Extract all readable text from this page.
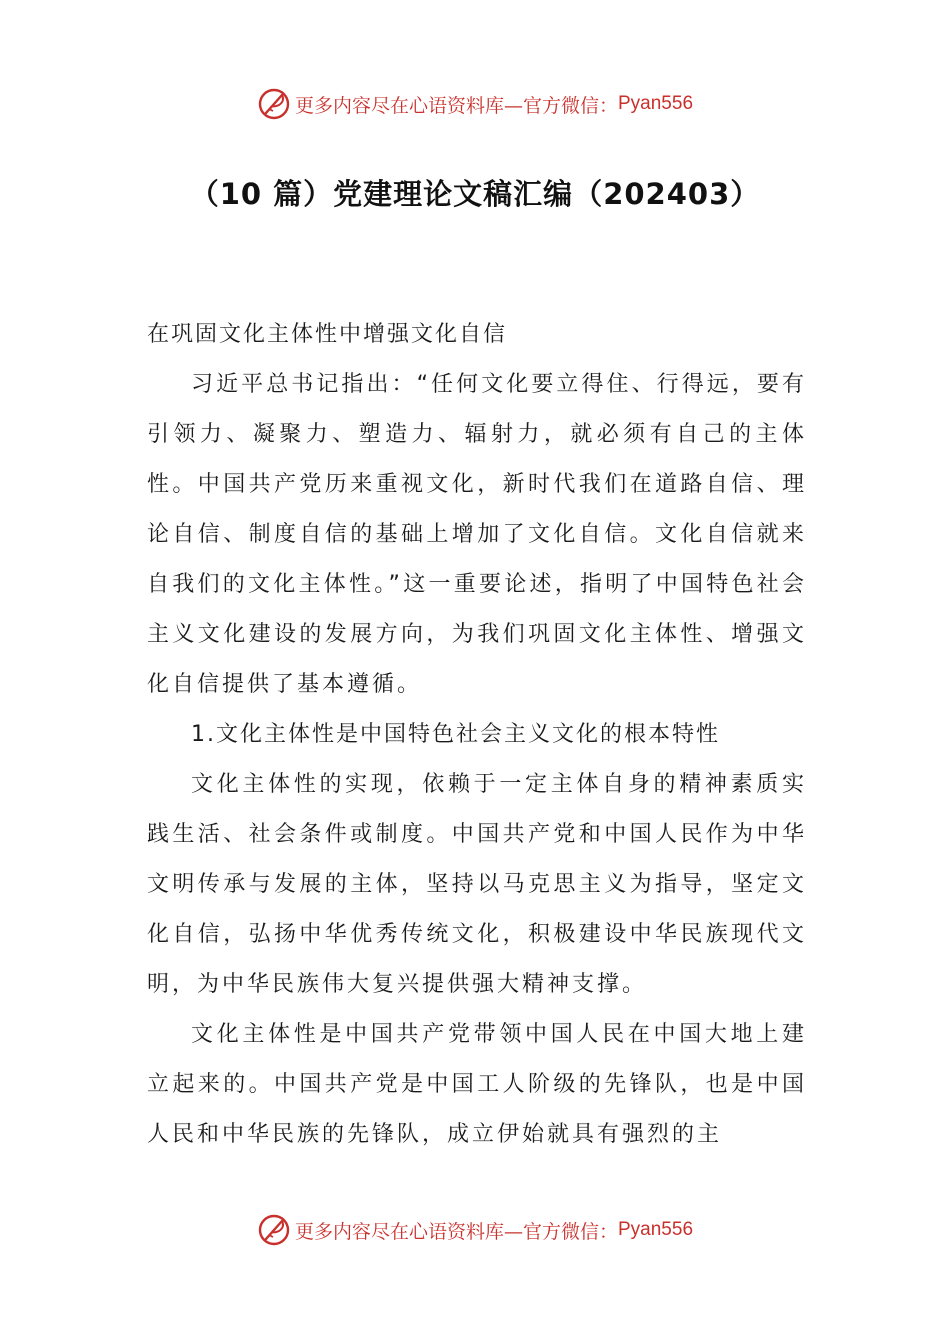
更多内容尽在心语资料库—官方微信： Pyan556
（10 篇）党建理论文稿汇编（202403）

在巩固文化主体性中增强文化自信

习近平总书记指出：“任何文化要立得住、行得远，要有引领力、凝聚力、塑造力、辐射力，就必须有自己的主体性。中国共产党历来重视文化，新时代我们在道路自信、理论自信、制度自信的基础上增加了文化自信。文化自信就来自我们的文化主体性。”这一重要论述，指明了中国特色社会主义文化建设的发展方向，为我们巩固文化主体性、增强文化自信提供了基本遵循。

1.文化主体性是中国特色社会主义文化的根本特性

文化主体性的实现，依赖于一定主体自身的精神素质实践生活、社会条件或制度。中国共产党和中国人民作为中华文明传承与发展的主体，坚持以马克思主义为指导，坚定文化自信，弘扬中华优秀传统文化，积极建设中华民族现代文明，为中华民族伟大复兴提供强大精神支撑。

文化主体性是中国共产党带领中国人民在中国大地上建立起来的。中国共产党是中国工人阶级的先锋队，也是中国人民和中华民族的先锋队，成立伊始就具有强烈的主

更多内容尽在心语资料库—官方微信： Pyan556
